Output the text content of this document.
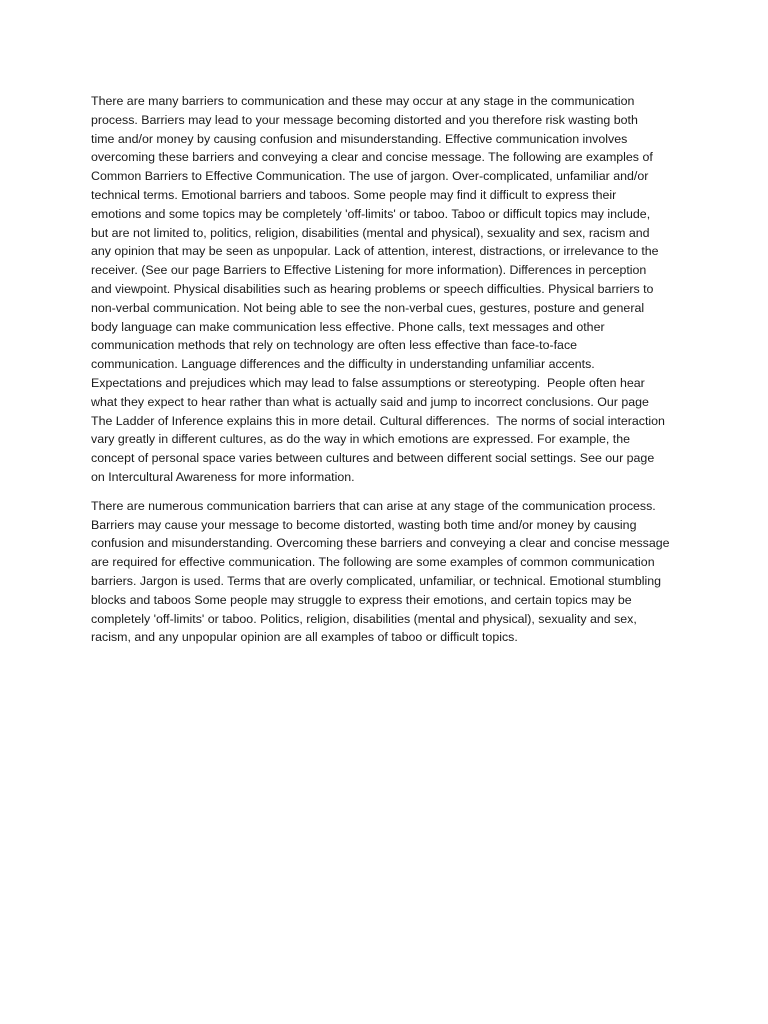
There are many barriers to communication and these may occur at any stage in the communication
process. Barriers may lead to your message becoming distorted and you therefore risk wasting both
time and/or money by causing confusion and misunderstanding. Effective communication involves
overcoming these barriers and conveying a clear and concise message. The following are examples of
Common Barriers to Effective Communication. The use of jargon. Over-complicated, unfamiliar and/or
technical terms. Emotional barriers and taboos. Some people may find it difficult to express their
emotions and some topics may be completely 'off-limits' or taboo. Taboo or difficult topics may include,
but are not limited to, politics, religion, disabilities (mental and physical), sexuality and sex, racism and
any opinion that may be seen as unpopular. Lack of attention, interest, distractions, or irrelevance to the
receiver. (See our page Barriers to Effective Listening for more information). Differences in perception
and viewpoint. Physical disabilities such as hearing problems or speech difficulties. Physical barriers to
non-verbal communication. Not being able to see the non-verbal cues, gestures, posture and general
body language can make communication less effective. Phone calls, text messages and other
communication methods that rely on technology are often less effective than face-to-face
communication. Language differences and the difficulty in understanding unfamiliar accents.
Expectations and prejudices which may lead to false assumptions or stereotyping.  People often hear
what they expect to hear rather than what is actually said and jump to incorrect conclusions. Our page
The Ladder of Inference explains this in more detail. Cultural differences.  The norms of social interaction
vary greatly in different cultures, as do the way in which emotions are expressed. For example, the
concept of personal space varies between cultures and between different social settings. See our page
on Intercultural Awareness for more information.

There are numerous communication barriers that can arise at any stage of the communication process.
Barriers may cause your message to become distorted, wasting both time and/or money by causing
confusion and misunderstanding. Overcoming these barriers and conveying a clear and concise message
are required for effective communication. The following are some examples of common communication
barriers. Jargon is used. Terms that are overly complicated, unfamiliar, or technical. Emotional stumbling
blocks and taboos Some people may struggle to express their emotions, and certain topics may be
completely 'off-limits' or taboo. Politics, religion, disabilities (mental and physical), sexuality and sex,
racism, and any unpopular opinion are all examples of taboo or difficult topics.
